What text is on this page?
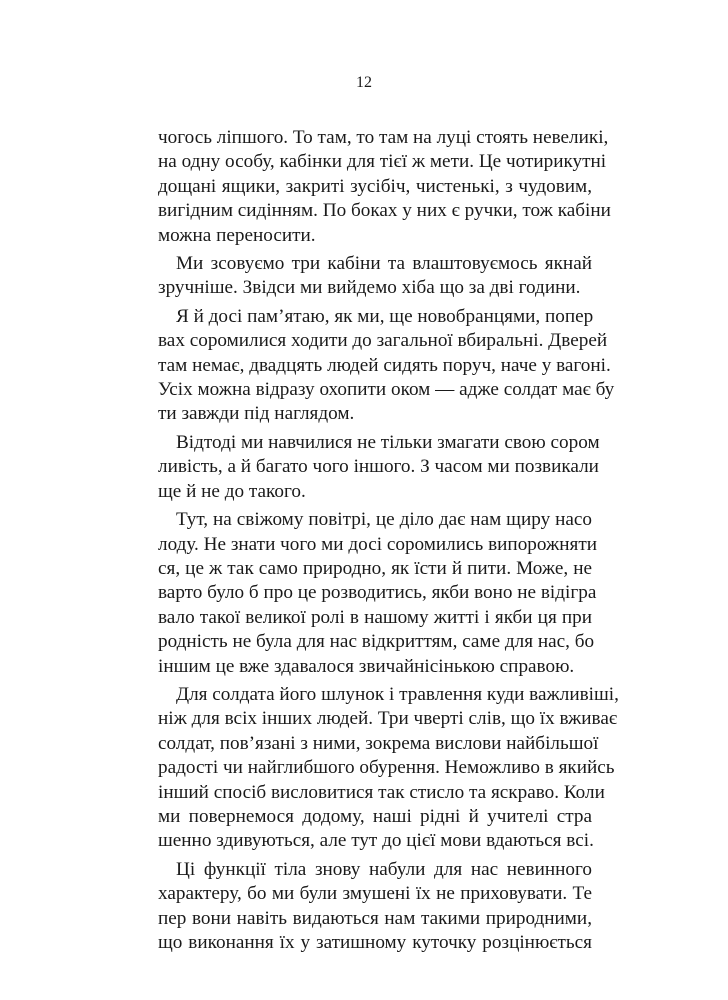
12
чогось ліпшого. То там, то там на луці стоять невеликі,
на одну особу, кабінки для тієї ж мети. Це чотирикутні
дощані ящики, закриті зусібіч, чистенькі, з чудовим,
вигідним сидінням. По боках у них є ручки, тож кабіни
можна переносити.
Ми зсовуємо три кабіни та влаштовуємось якнай
зручніше. Звідси ми вийдемо хіба що за дві години.
Я й досі пам’ятаю, як ми, ще новобранцями, попер
вах соромилися ходити до загальної вбиральні. Дверей
там немає, двадцять людей сидять поруч, наче у вагоні.
Усіх можна відразу охопити оком — адже солдат має бу
ти завжди під наглядом.
Відтоді ми навчилися не тільки змагати свою сором
ливість, а й багато чого іншого. З часом ми позвикали
ще й не до такого.
Тут, на свіжому повітрі, це діло дає нам щиру насо
лоду. Не знати чого ми досі соромились випорожняти
ся, це ж так само природно, як їсти й пити. Може, не
варто було б про це розводитись, якби воно не відігра
вало такої великої ролі в нашому житті і якби ця при
родність не була для нас відкриттям, саме для нас, бо
іншим це вже здавалося звичайнісінькою справою.
Для солдата його шлунок і травлення куди важливіші,
ніж для всіх інших людей. Три чверті слів, що їх вживає
солдат, пов’язані з ними, зокрема вислови найбільшої
радості чи найглибшого обурення. Неможливо в якийсь
інший спосіб висловитися так стисло та яскраво. Коли
ми повернемося додому, наші рідні й учителі стра
шенно здивуються, але тут до цієї мови вдаються всі.
Ці функції тіла знову набули для нас невинного
характеру, бо ми були змушені їх не приховувати. Те
пер вони навіть видаються нам такими природними,
що виконання їх у затишному куточку розцінюється
